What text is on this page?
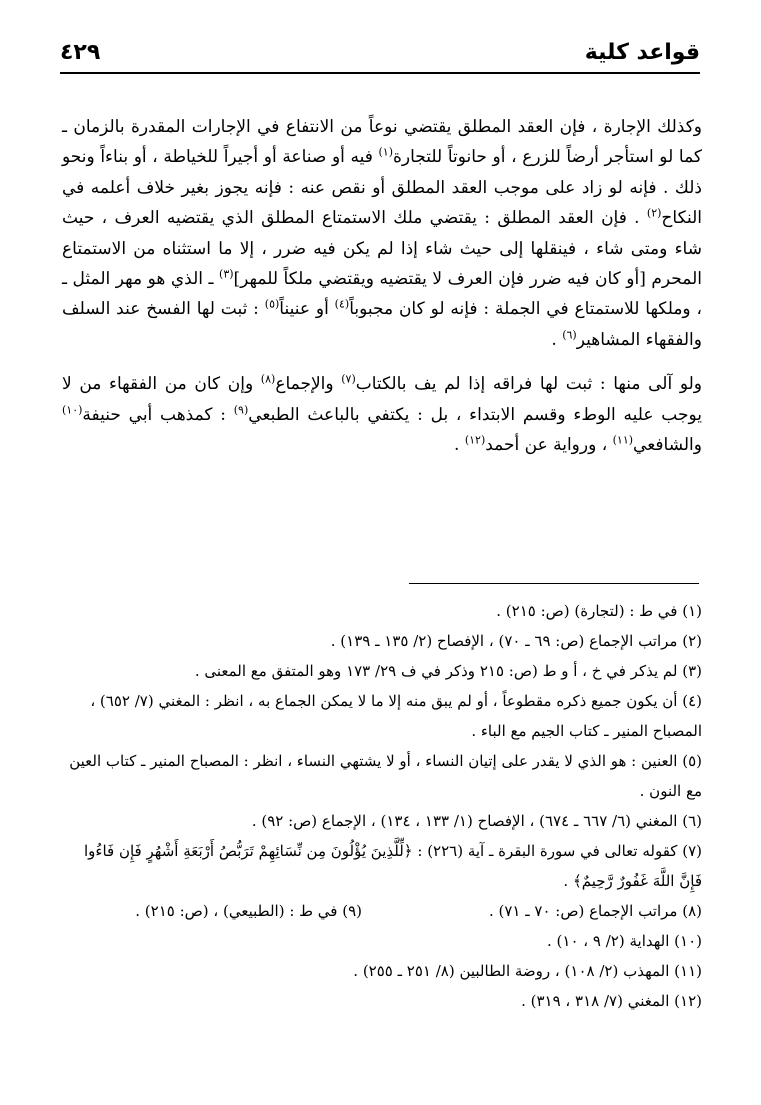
قواعد كلية
٤٢٩

وكذلك الإجارة ، فإن العقد المطلق يقتضي نوعاً من الانتفاع في الإجارات المقدرة بالزمان ـ كما لو استأجر أرضاً للزرع ، أو حانوتاً للتجارة$^{(١)}$ فيه أو صناعة أو أجيراً للخياطة ، أو بناءاً ونحو ذلك . فإنه لو زاد على موجب العقد المطلق أو نقص عنه : فإنه يجوز بغير خلاف أعلمه في النكاح$^{(٢)}$ . فإن العقد المطلق : يقتضي ملك الاستمتاع المطلق الذي يقتضيه العرف ، حيث شاء ومتى شاء ، فينقلها إلى حيث شاء إذا لم يكن فيه ضرر ، إلا ما استثناه من الاستمتاع المحرم [أو كان فيه ضرر فإن العرف لا يقتضيه ويقتضي ملكاً للمهر]$^{(٣)}$ ـ الذي هو مهر المثل ـ ، وملكها للاستمتاع في الجملة : فإنه لو كان مجبوباً$^{(٤)}$ أو عنيناً$^{(٥)}$ : ثبت لها الفسخ عند السلف والفقهاء المشاهير$^{(٦)}$ .

ولو آلى منها : ثبت لها فراقه إذا لم يف بالكتاب$^{(٧)}$ والإجماع$^{(٨)}$ وإن كان من الفقهاء من لا يوجب عليه الوطء وقسم الابتداء ، بل : يكتفي بالباعث الطبعي$^{(٩)}$ : كمذهب أبي حنيفة$^{(١٠)}$ والشافعي$^{(١١)}$ ، ورواية عن أحمد$^{(١٢)}$ .

(١) في ط : (لتجارة) (ص: ٢١٥) .
(٢) مراتب الإجماع (ص: ٦٩ ـ ٧٠) ، الإفصاح (٢/ ١٣٥ ـ ١٣٩) .
(٣) لم يذكر في خ ، أ و ط (ص: ٢١٥ وذكر في ف ٢٩/ ١٧٣ وهو المتفق مع المعنى .
(٤) أن يكون جميع ذكره مقطوعاً ، أو لم يبق منه إلا ما لا يمكن الجماع به ، انظر : المغني (٧/ ٦٥٢) ، المصباح المنير ـ كتاب الجيم مع الباء .
(٥) العنين : هو الذي لا يقدر على إتيان النساء ، أو لا يشتهي النساء ، انظر : المصباح المنير ـ كتاب العين مع النون .
(٦) المغني (٦/ ٦٦٧ ـ ٦٧٤) ، الإفصاح (١/ ١٣٣ ، ١٣٤) ، الإجماع (ص: ٩٢) .
(٧) كقوله تعالى في سورة البقرة ـ آية (٢٢٦) : ﴿لِّلَّذِينَ يُؤْلُونَ مِن نِّسَائِهِمْ تَرَبُّصُ أَرْبَعَةِ أَشْهُرٍ فَإِن فَاءُوا فَإِنَّ اللَّهَ غَفُورٌ رَّحِيمٌ﴾ .
(٨) مراتب الإجماع (ص: ٧٠ ـ ٧١) .
(٩) في ط : (الطبيعي) ، (ص: ٢١٥) .
(١٠) الهداية (٢/ ٩ ، ١٠) .
(١١) المهذب (٢/ ١٠٨) ، روضة الطالبين (٨/ ٢٥١ ـ ٢٥٥) .
(١٢) المغني (٧/ ٣١٨ ، ٣١٩) .
